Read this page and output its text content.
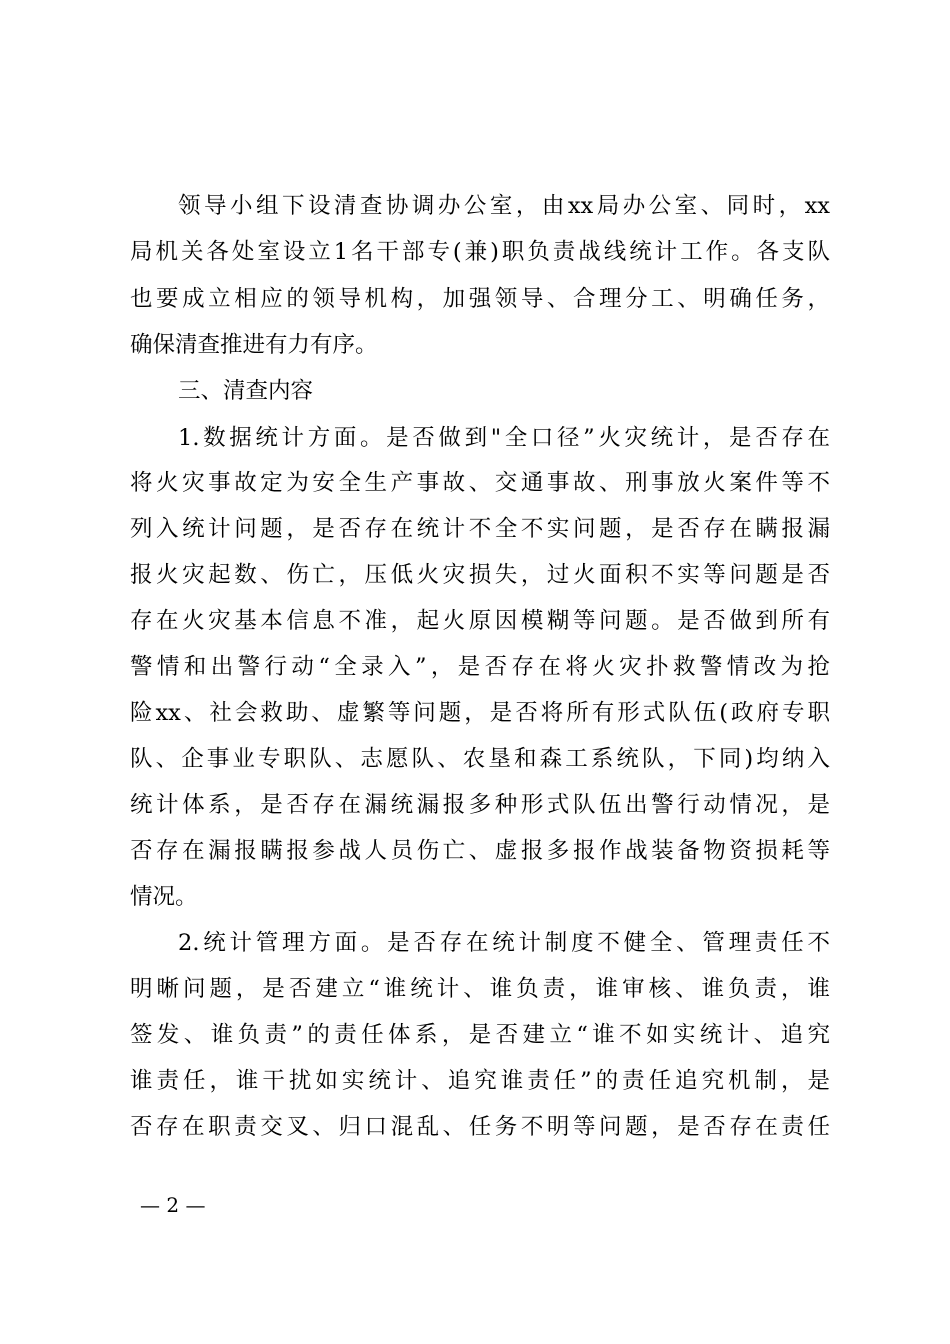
领导小组下设清查协调办公室，由xx局办公室、同时，xx
局机关各处室设立1名干部专(兼)职负责战线统计工作。各支队
也要成立相应的领导机构，加强领导、合理分工、明确任务，
确保清查推进有力有序。
三、清查内容
1.数据统计方面。是否做到"全口径”火灾统计，是否存在
将火灾事故定为安全生产事故、交通事故、刑事放火案件等不
列入统计问题，是否存在统计不全不实问题，是否存在瞒报漏
报火灾起数、伤亡，压低火灾损失，过火面积不实等问题是否
存在火灾基本信息不准，起火原因模糊等问题。是否做到所有
警情和出警行动“全录入”，是否存在将火灾扑救警情改为抢
险xx、社会救助、虚繁等问题，是否将所有形式队伍(政府专职
队、企事业专职队、志愿队、农垦和森工系统队，下同)均纳入
统计体系，是否存在漏统漏报多种形式队伍出警行动情况，是
否存在漏报瞒报参战人员伤亡、虚报多报作战装备物资损耗等
情况。
2.统计管理方面。是否存在统计制度不健全、管理责任不
明晰问题，是否建立“谁统计、谁负责，谁审核、谁负责，谁
签发、谁负责”的责任体系，是否建立“谁不如实统计、追究
谁责任，谁干扰如实统计、追究谁责任”的责任追究机制，是
否存在职责交叉、归口混乱、任务不明等问题，是否存在责任
— 2 —
